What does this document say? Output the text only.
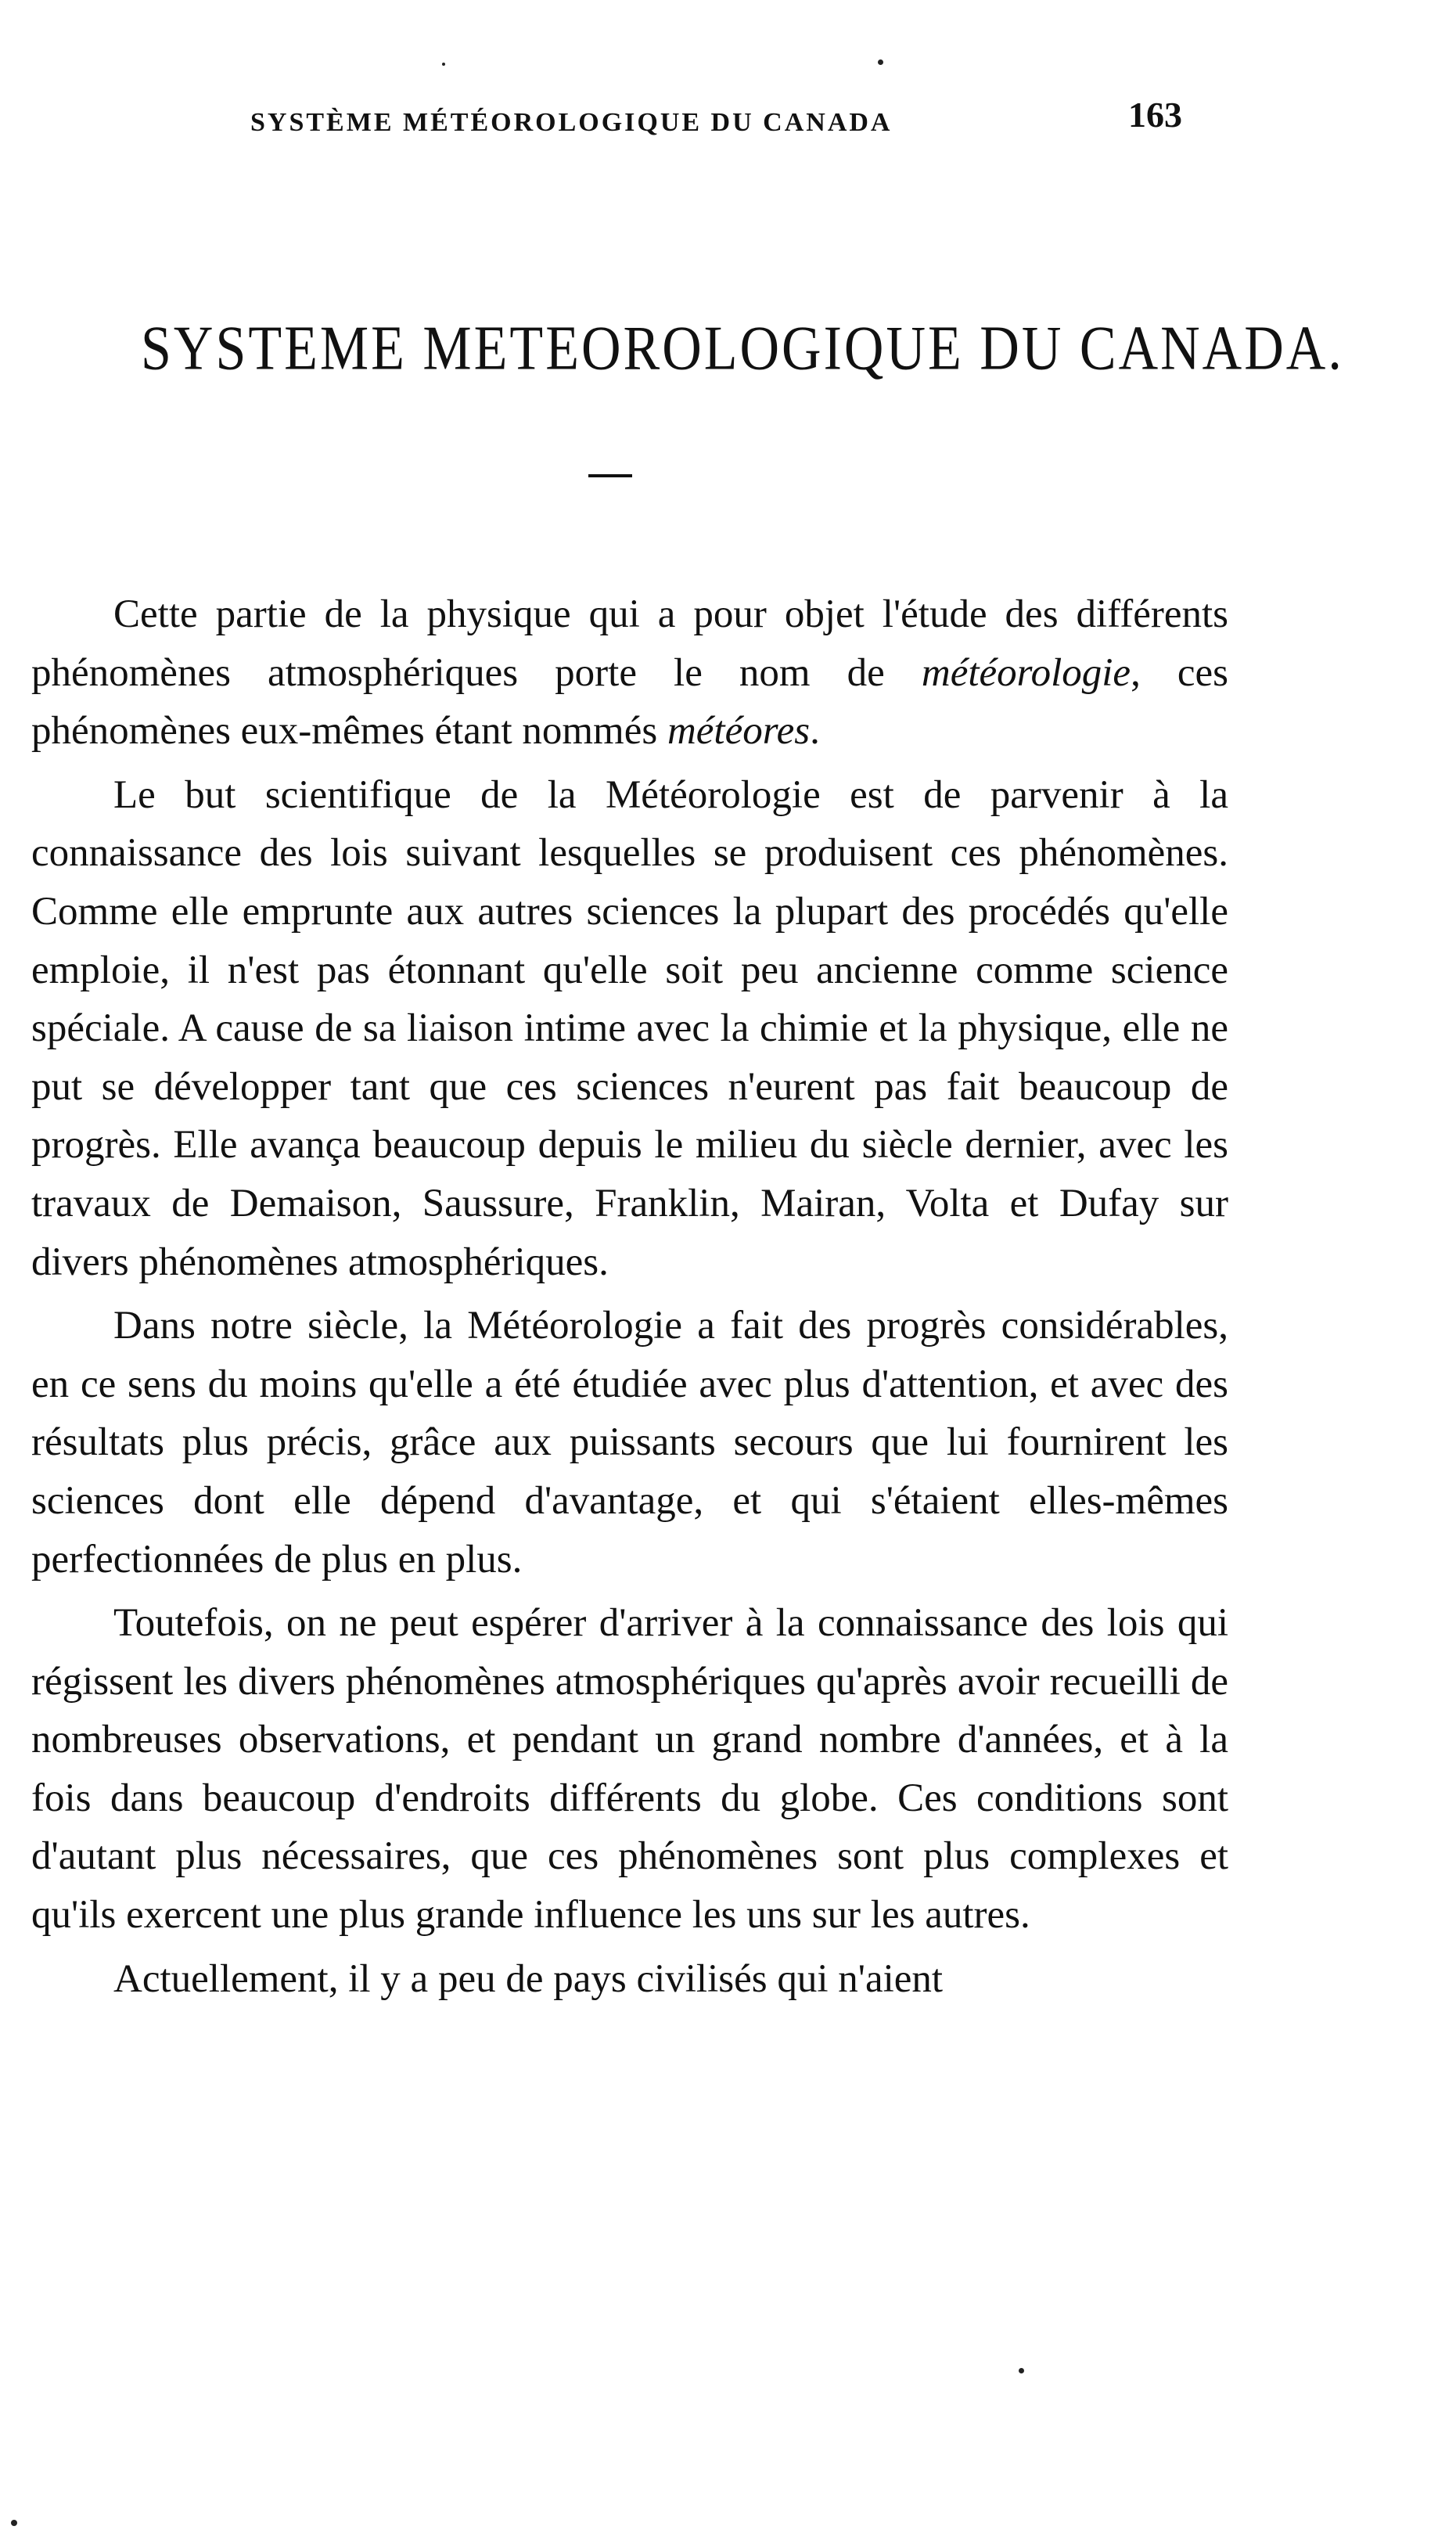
SYSTÈME MÉTÉOROLOGIQUE DU CANADA	163
SYSTEME METEOROLOGIQUE DU CANADA.

Cette partie de la physique qui a pour objet l'étude des différents phénomènes atmosphériques porte le nom de météorologie, ces phénomènes eux-mêmes étant nommés météores.

Le but scientifique de la Météorologie est de parvenir à la connaissance des lois suivant lesquelles se produisent ces phénomènes. Comme elle emprunte aux autres sciences la plupart des procédés qu'elle emploie, il n'est pas étonnant qu'elle soit peu ancienne comme science spéciale. A cause de sa liaison intime avec la chimie et la physique, elle ne put se développer tant que ces sciences n'eurent pas fait beaucoup de progrès. Elle avança beaucoup depuis le milieu du siècle dernier, avec les travaux de Demaison, Saussure, Franklin, Mairan, Volta et Dufay sur divers phénomènes atmosphériques.

Dans notre siècle, la Météorologie a fait des progrès considérables, en ce sens du moins qu'elle a été étudiée avec plus d'attention, et avec des résultats plus précis, grâce aux puissants secours que lui fournirent les sciences dont elle dépend d'avantage, et qui s'étaient elles-mêmes perfectionnées de plus en plus.

Toutefois, on ne peut espérer d'arriver à la connaissance des lois qui régissent les divers phénomènes atmosphériques qu'après avoir recueilli de nombreuses observations, et pendant un grand nombre d'années, et à la fois dans beaucoup d'endroits différents du globe. Ces conditions sont d'autant plus nécessaires, que ces phénomènes sont plus complexes et qu'ils exercent une plus grande influence les uns sur les autres.

Actuellement, il y a peu de pays civilisés qui n'aient
